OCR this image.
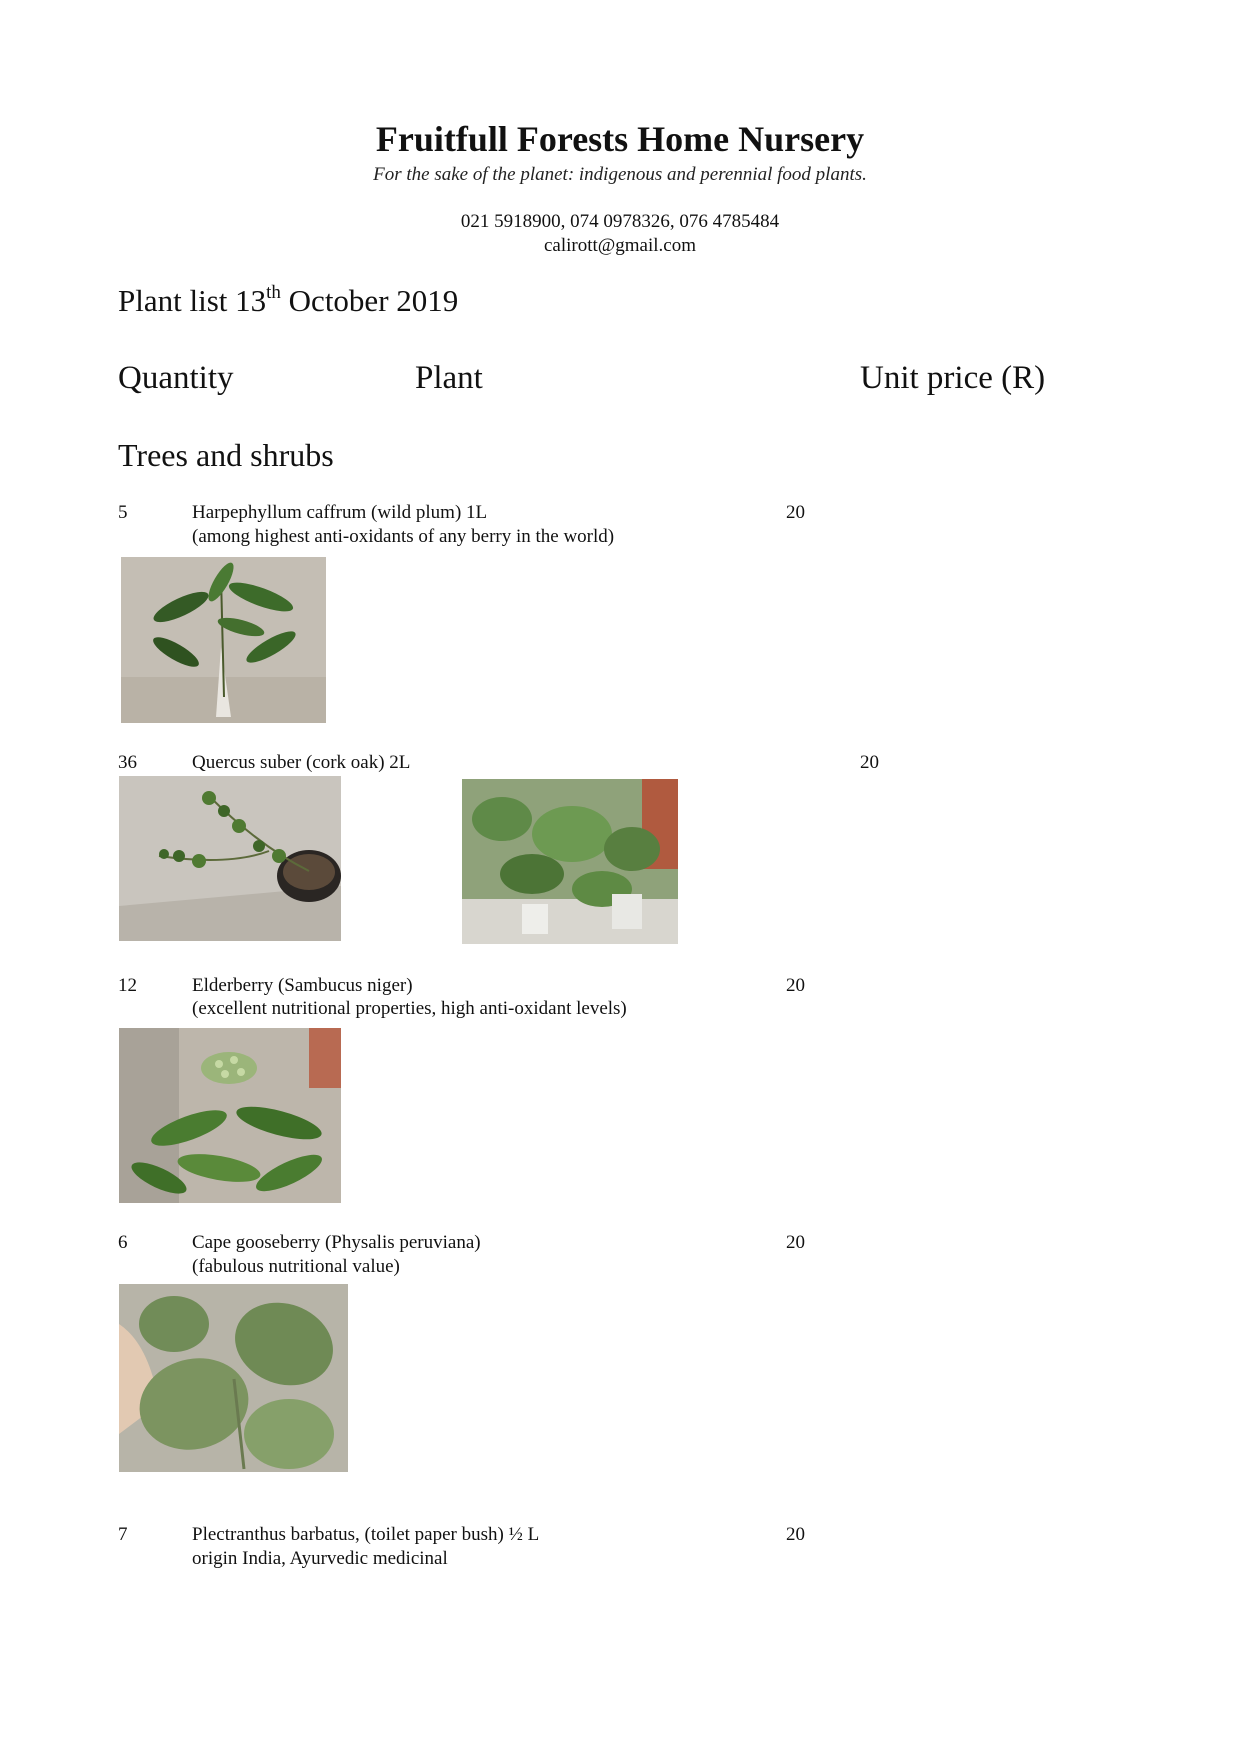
Fruitfull Forests Home Nursery
For the sake of the planet: indigenous and perennial food plants.
021 5918900, 074 0978326, 076 4785484
calirott@gmail.com
Plant list 13th October 2019
Quantity	Plant	Unit price (R)
Trees and shrubs
5	Harpephyllum caffrum (wild plum) 1L
(among highest anti-oxidants of any berry in the world)
20
36	Quercus suber (cork oak) 2L	20
12	Elderberry (Sambucus niger)
(excellent nutritional properties, high anti-oxidant levels)
20
6	Cape gooseberry (Physalis peruviana)
(fabulous nutritional value)
20
7	Plectranthus barbatus, (toilet paper bush) ½ L
origin India, Ayurvedic medicinal
20
